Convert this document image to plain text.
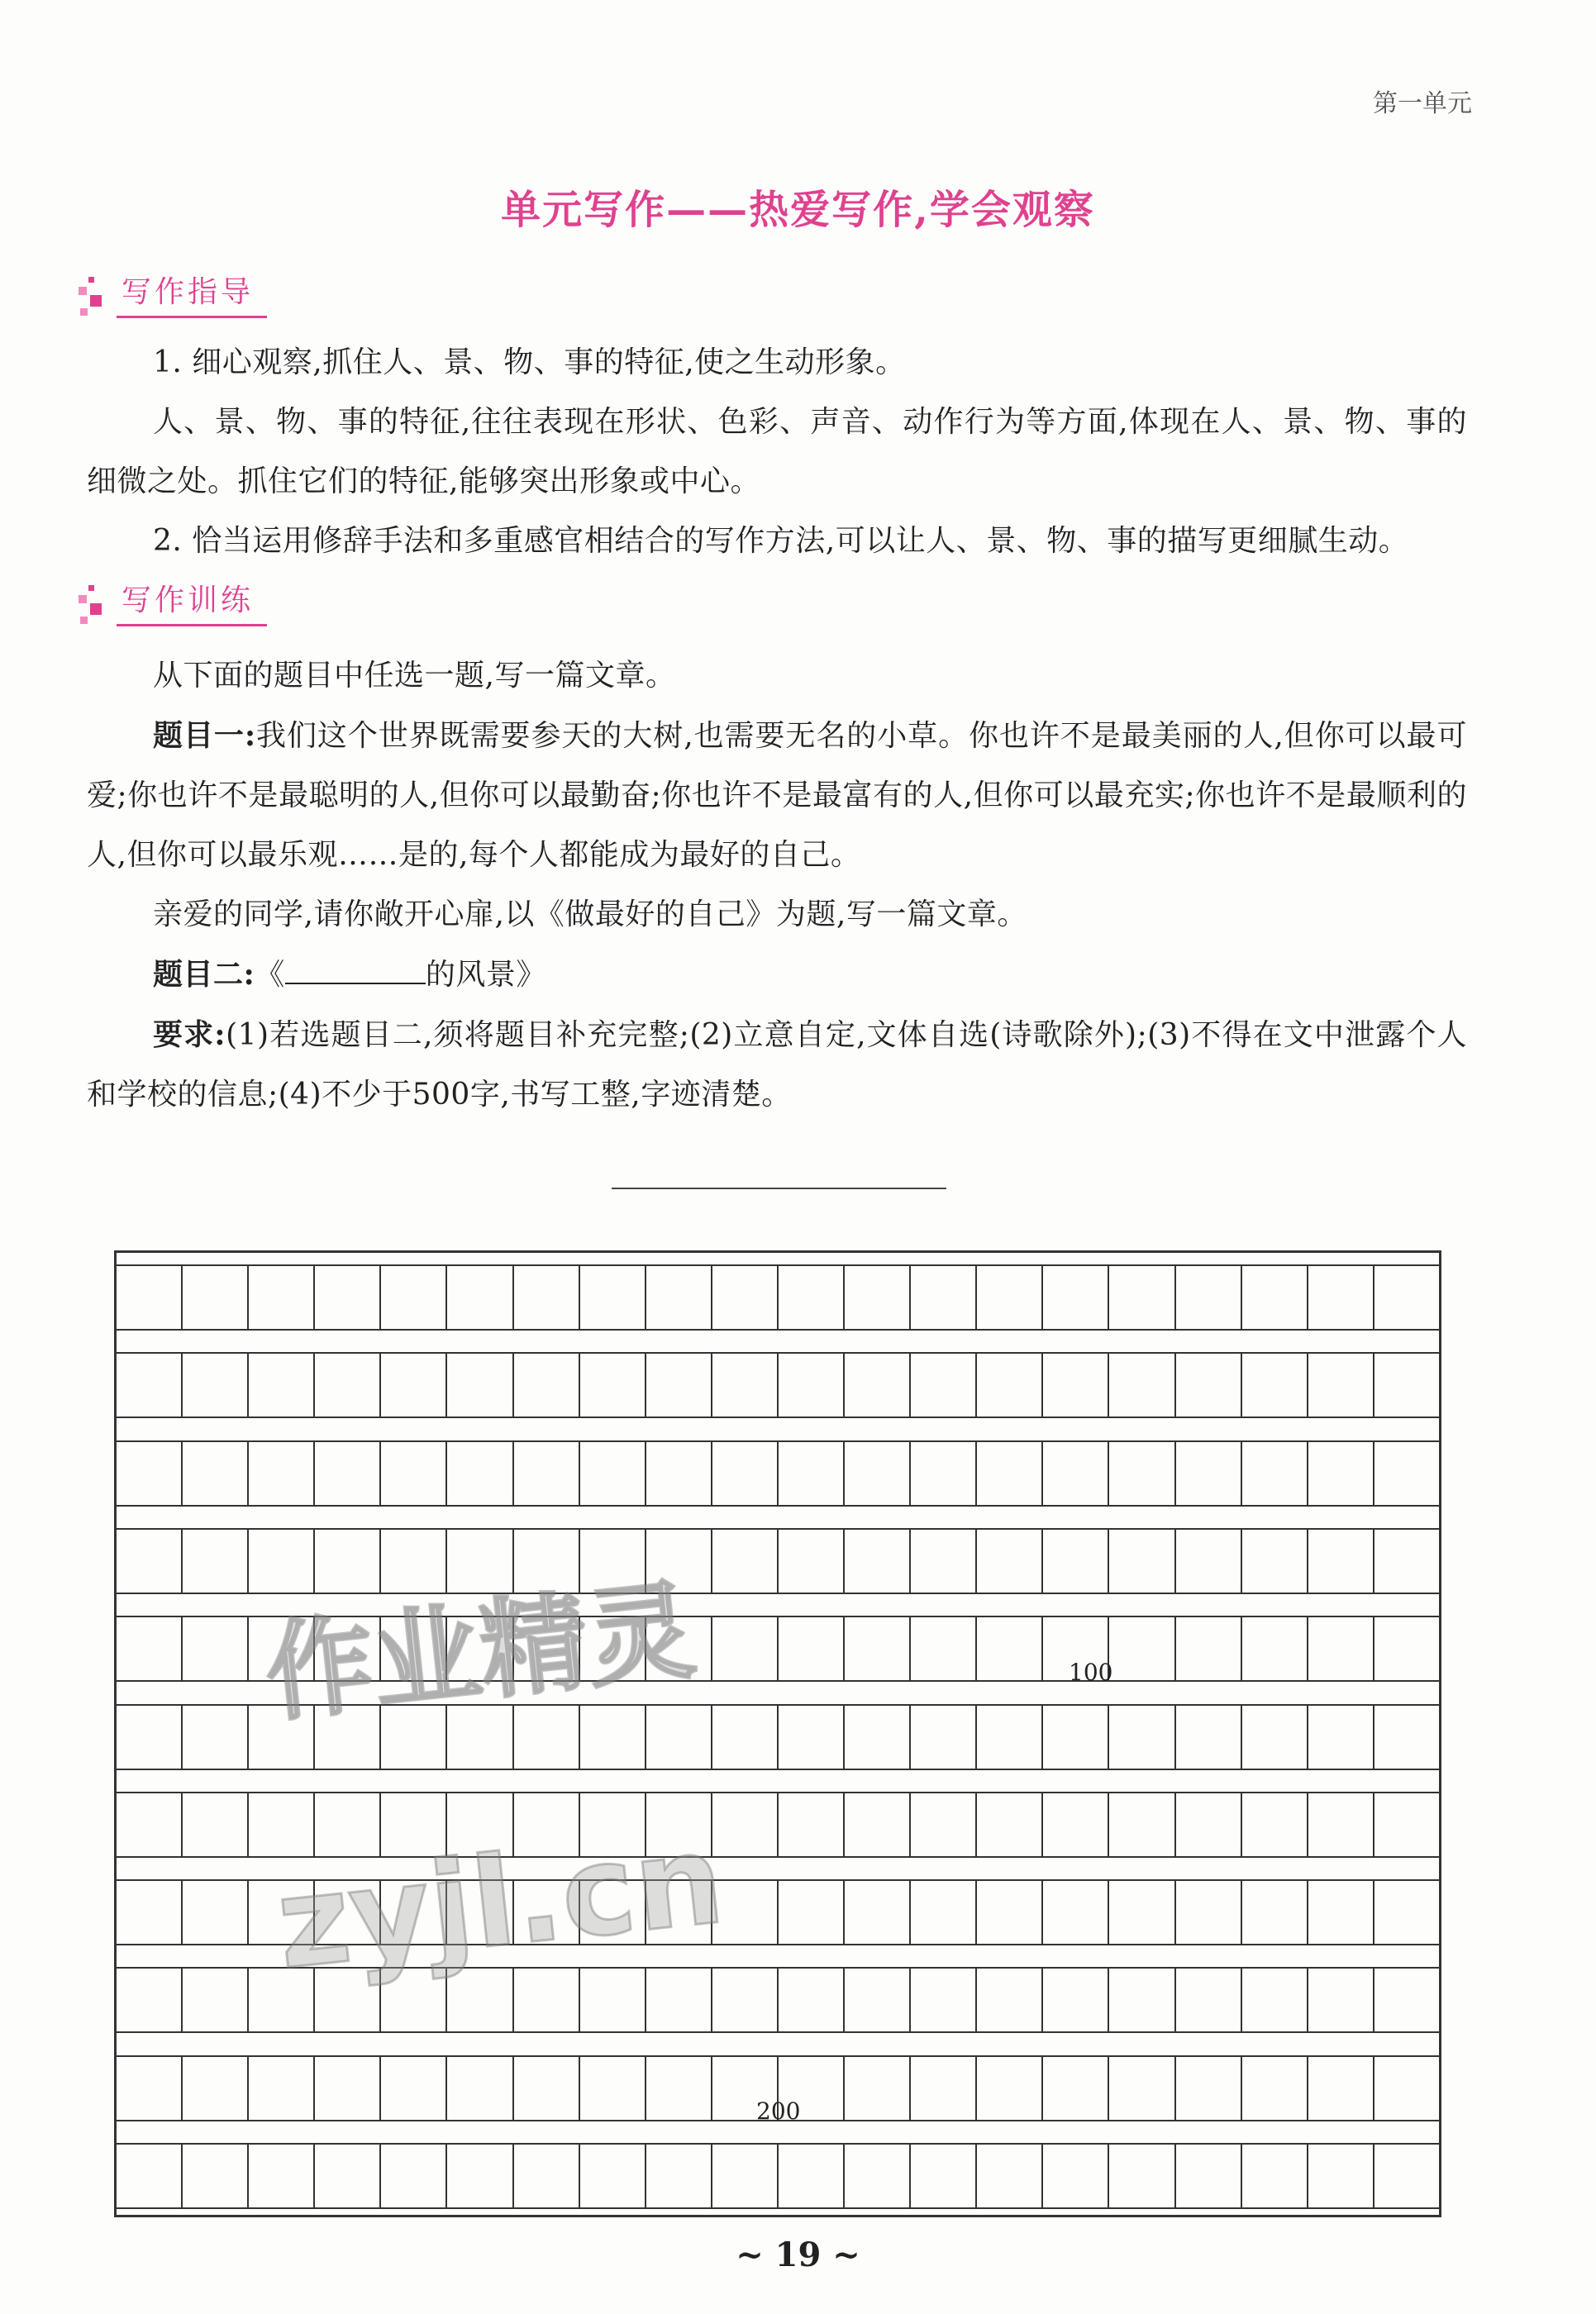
第一单元
单元写作——热爱写作,学会观察
写作指导

1. 细心观察,抓住人、景、物、事的特征,使之生动形象。

人、景、物、事的特征,往往表现在形状、色彩、声音、动作行为等方面,体现在人、景、物、事的细微之处。抓住它们的特征,能够突出形象或中心。

2. 恰当运用修辞手法和多重感官相结合的写作方法,可以让人、景、物、事的描写更细腻生动。

写作训练

从下面的题目中任选一题,写一篇文章。

题目一:我们这个世界既需要参天的大树,也需要无名的小草。你也许不是最美丽的人,但你可以最可爱;你也许不是最聪明的人,但你可以最勤奋;你也许不是最富有的人,但你可以最充实;你也许不是最顺利的人,但你可以最乐观……是的,每个人都能成为最好的自己。

亲爱的同学,请你敞开心扉,以《做最好的自己》为题,写一篇文章。

题目二:《	的风景》

要求:(1)若选题目二,须将题目补充完整;(2)立意自定,文体自选(诗歌除外);(3)不得在文中泄露个人和学校的信息;(4)不少于500字,书写工整,字迹清楚。

100
200
作业精灵
zyjl.cn
~ 19 ~
